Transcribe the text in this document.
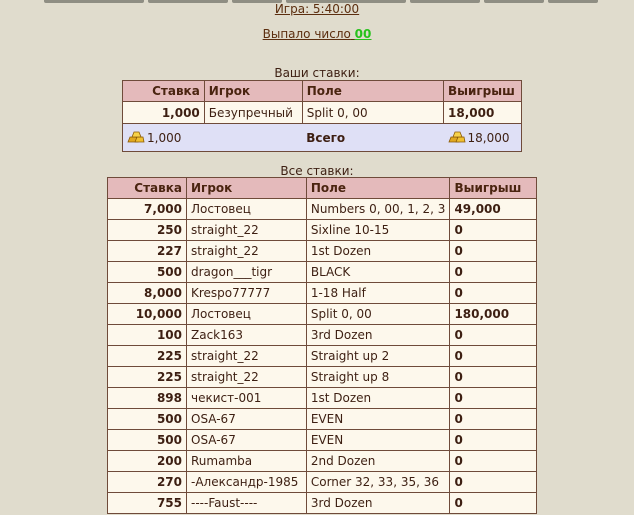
Игра: 5:40:00
Выпало число 00
Ваши ставки:
Ставка	Игрок	Поле	Выигрыш
1,000	Безупречный	Split 0, 00	18,000
1,000		Всего	18,000
Все ставки:
Ставка	Игрок	Поле	Выигрыш
7,000	Лостовец	Numbers 0, 00, 1, 2, 3	49,000
250	straight_22	Sixline 10-15	0
227	straight_22	1st Dozen	0
500	dragon___tigr	BLACK	0
8,000	Krespo77777	1-18 Half	0
10,000	Лостовец	Split 0, 00	180,000
100	Zack163	3rd Dozen	0
225	straight_22	Straight up 2	0
225	straight_22	Straight up 8	0
898	чекист-001	1st Dozen	0
500	OSA-67	EVEN	0
500	OSA-67	EVEN	0
200	Rumamba	2nd Dozen	0
270	-Александр-1985	Corner 32, 33, 35, 36	0
755	----Faust----	3rd Dozen	0
